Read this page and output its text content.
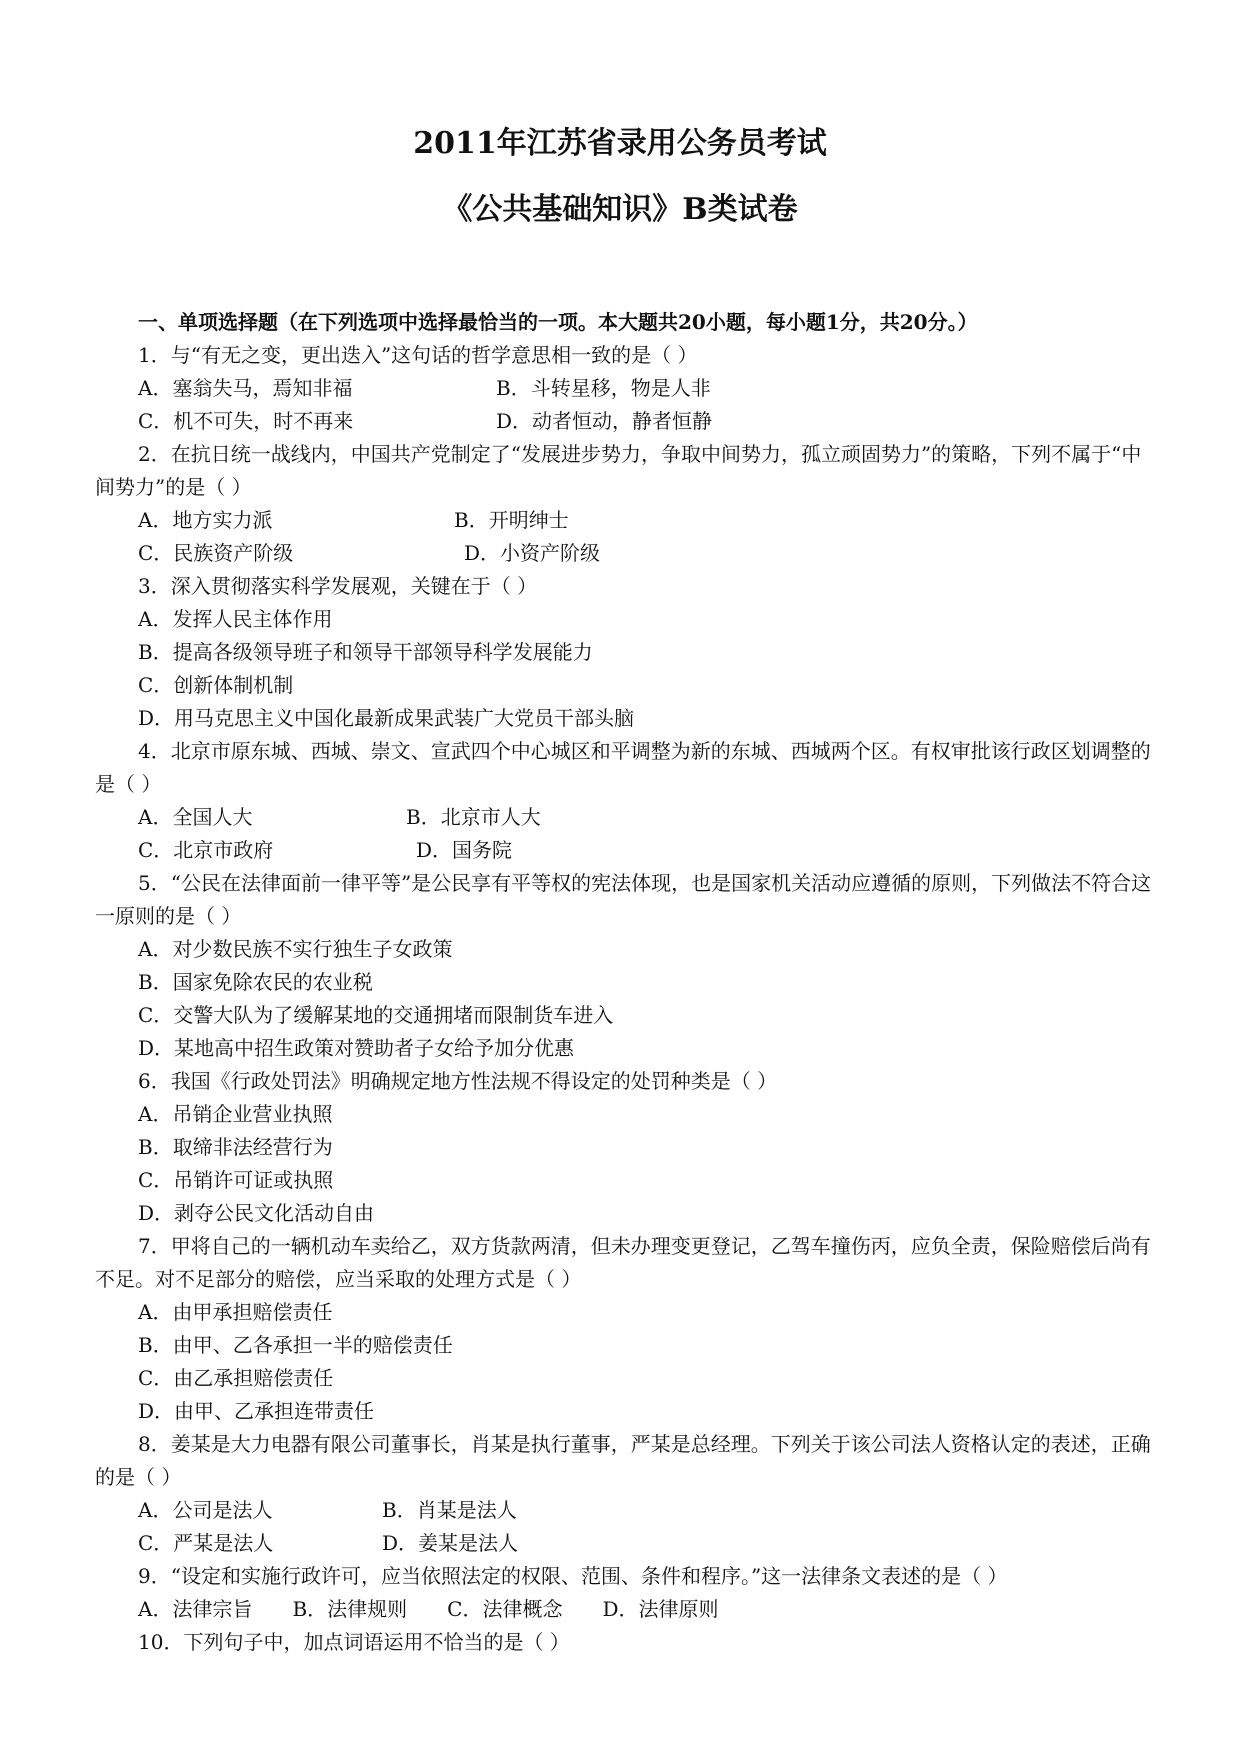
2011年江苏省录用公务员考试
《公共基础知识》B类试卷
一、单项选择题（在下列选项中选择最恰当的一项。本大题共20小题，每小题1分，共20分。）
1．与“有无之变，更出迭入”这句话的哲学意思相一致的是（ ）
A．塞翁失马，焉知非福	B．斗转星移，物是人非
C．机不可失，时不再来	D．动者恒动，静者恒静
2．在抗日统一战线内，中国共产党制定了“发展进步势力，争取中间势力，孤立顽固势力”的策略，下列不属于“中间势力”的是（ ）
A．地方实力派	B．开明绅士
C．民族资产阶级	D．小资产阶级
3．深入贯彻落实科学发展观，关键在于（ ）
A．发挥人民主体作用
B．提高各级领导班子和领导干部领导科学发展能力
C．创新体制机制
D．用马克思主义中国化最新成果武装广大党员干部头脑
4．北京市原东城、西城、崇文、宣武四个中心城区和平调整为新的东城、西城两个区。有权审批该行政区划调整的是（ ）
A．全国人大	B．北京市人大
C．北京市政府	D．国务院
5．“公民在法律面前一律平等”是公民享有平等权的宪法体现，也是国家机关活动应遵循的原则，下列做法不符合这一原则的是（ ）
A．对少数民族不实行独生子女政策
B．国家免除农民的农业税
C．交警大队为了缓解某地的交通拥堵而限制货车进入
D．某地高中招生政策对赞助者子女给予加分优惠
6．我国《行政处罚法》明确规定地方性法规不得设定的处罚种类是（ ）
A．吊销企业营业执照
B．取缔非法经营行为
C．吊销许可证或执照
D．剥夺公民文化活动自由
7．甲将自己的一辆机动车卖给乙，双方货款两清，但未办理变更登记，乙驾车撞伤丙，应负全责，保险赔偿后尚有不足。对不足部分的赔偿，应当采取的处理方式是（ ）
A．由甲承担赔偿责任
B．由甲、乙各承担一半的赔偿责任
C．由乙承担赔偿责任
D．由甲、乙承担连带责任
8．姜某是大力电器有限公司董事长，肖某是执行董事，严某是总经理。下列关于该公司法人资格认定的表述，正确的是（ ）
A．公司是法人	B．肖某是法人
C．严某是法人	D．姜某是法人
9．“设定和实施行政许可，应当依照法定的权限、范围、条件和程序。”这一法律条文表述的是（ ）
A．法律宗旨 B．法律规则 C．法律概念 D．法律原则
10．下列句子中，加点词语运用不恰当的是（ ）
